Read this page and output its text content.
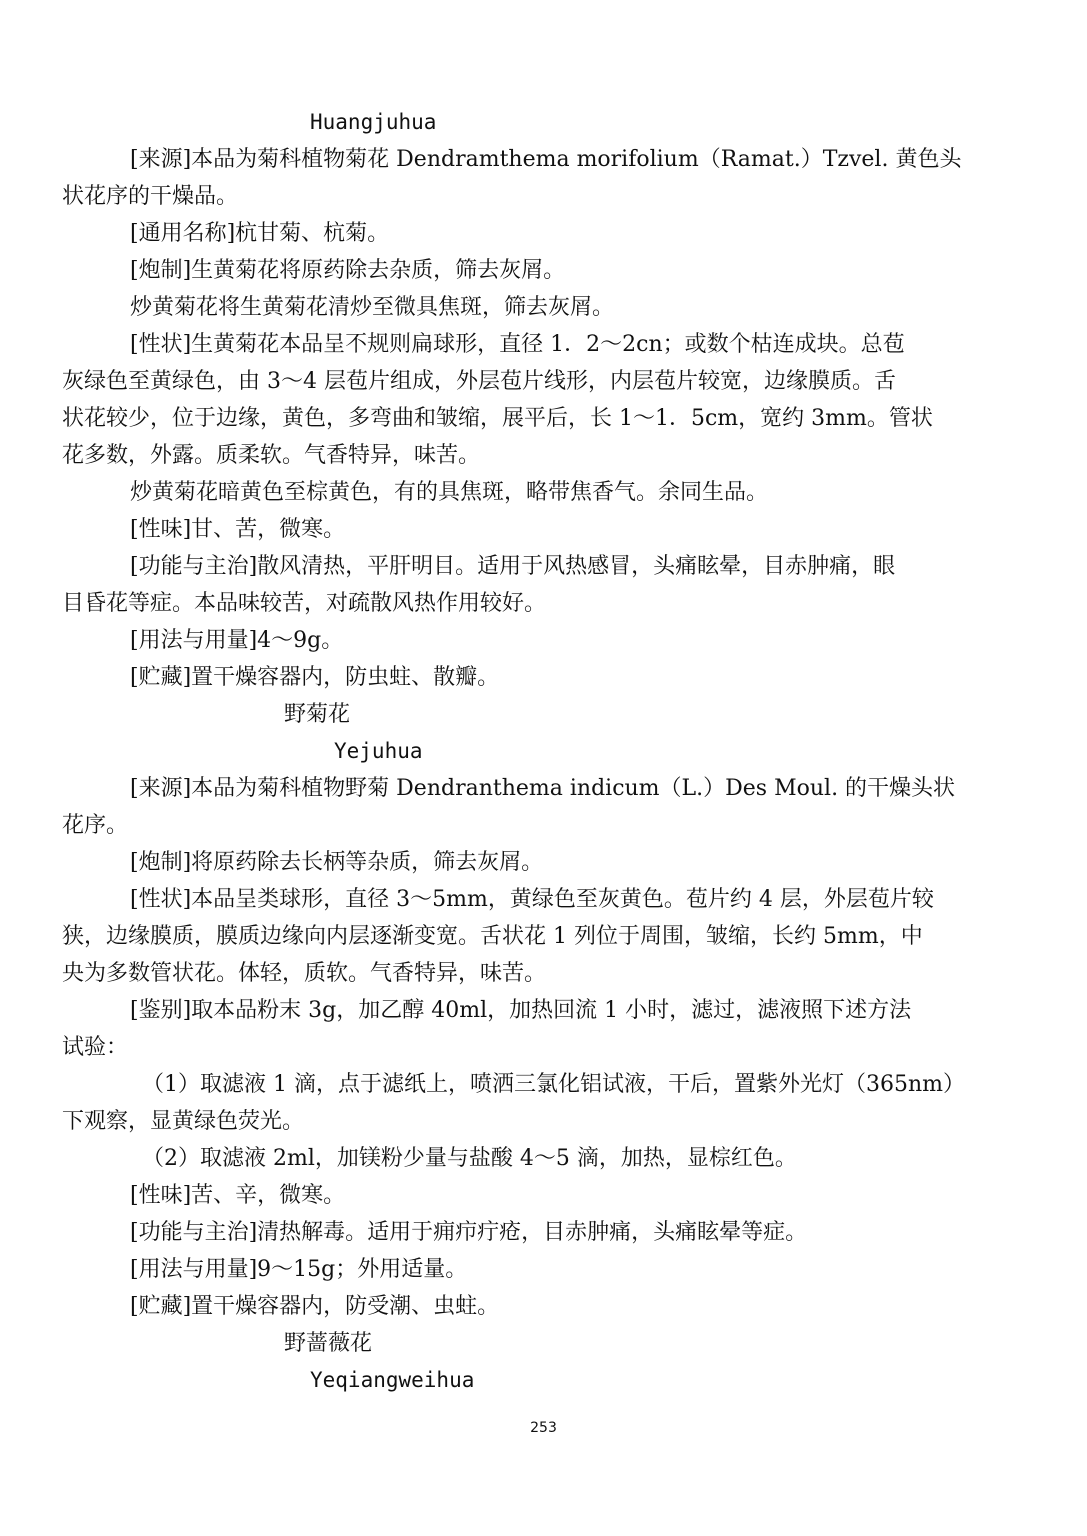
Huangjuhua
[来源]本品为菊科植物菊花 Dendramthema morifolium（Ramat.）Tzvel. 黄色头
状花序的干燥品。
[通用名称]杭甘菊、杭菊。
[炮制]生黄菊花将原药除去杂质，筛去灰屑。
炒黄菊花将生黄菊花清炒至微具焦斑，筛去灰屑。
[性状]生黄菊花本品呈不规则扁球形，直径 1．2～2cn；或数个枯连成块。总苞
灰绿色至黄绿色，由 3～4 层苞片组成，外层苞片线形，内层苞片较宽，边缘膜质。舌
状花较少，位于边缘，黄色，多弯曲和皱缩，展平后，长 1～1．5cm，宽约 3mm。管状
花多数，外露。质柔软。气香特异，味苦。
炒黄菊花暗黄色至棕黄色，有的具焦斑，略带焦香气。余同生品。
[性味]甘、苦，微寒。
[功能与主治]散风清热，平肝明目。适用于风热感冒，头痛眩晕，目赤肿痛，眼
目昏花等症。本品味较苦，对疏散风热作用较好。
[用法与用量]4～9g。
[贮藏]置干燥容器内，防虫蛀、散瓣。
野菊花
Yejuhua
[来源]本品为菊科植物野菊 Dendranthema indicum（L.）Des Moul. 的干燥头状
花序。
[炮制]将原药除去长柄等杂质，筛去灰屑。
[性状]本品呈类球形，直径 3～5mm，黄绿色至灰黄色。苞片约 4 层，外层苞片较
狭，边缘膜质，膜质边缘向内层逐渐变宽。舌状花 1 列位于周围，皱缩，长约 5mm，中
央为多数管状花。体轻，质软。气香特异，味苦。
[鉴别]取本品粉末 3g，加乙醇 40ml，加热回流 1 小时，滤过，滤液照下述方法
试验：
（1）取滤液 1 滴，点于滤纸上，喷洒三氯化铝试液，干后，置紫外光灯（365nm）
下观察，显黄绿色荧光。
（2）取滤液 2ml，加镁粉少量与盐酸 4～5 滴，加热，显棕红色。
[性味]苦、辛，微寒。
[功能与主治]清热解毒。适用于痈疖疔疮，目赤肿痛，头痛眩晕等症。
[用法与用量]9～15g；外用适量。
[贮藏]置干燥容器内，防受潮、虫蛀。
野蔷薇花
Yeqiangweihua
253
